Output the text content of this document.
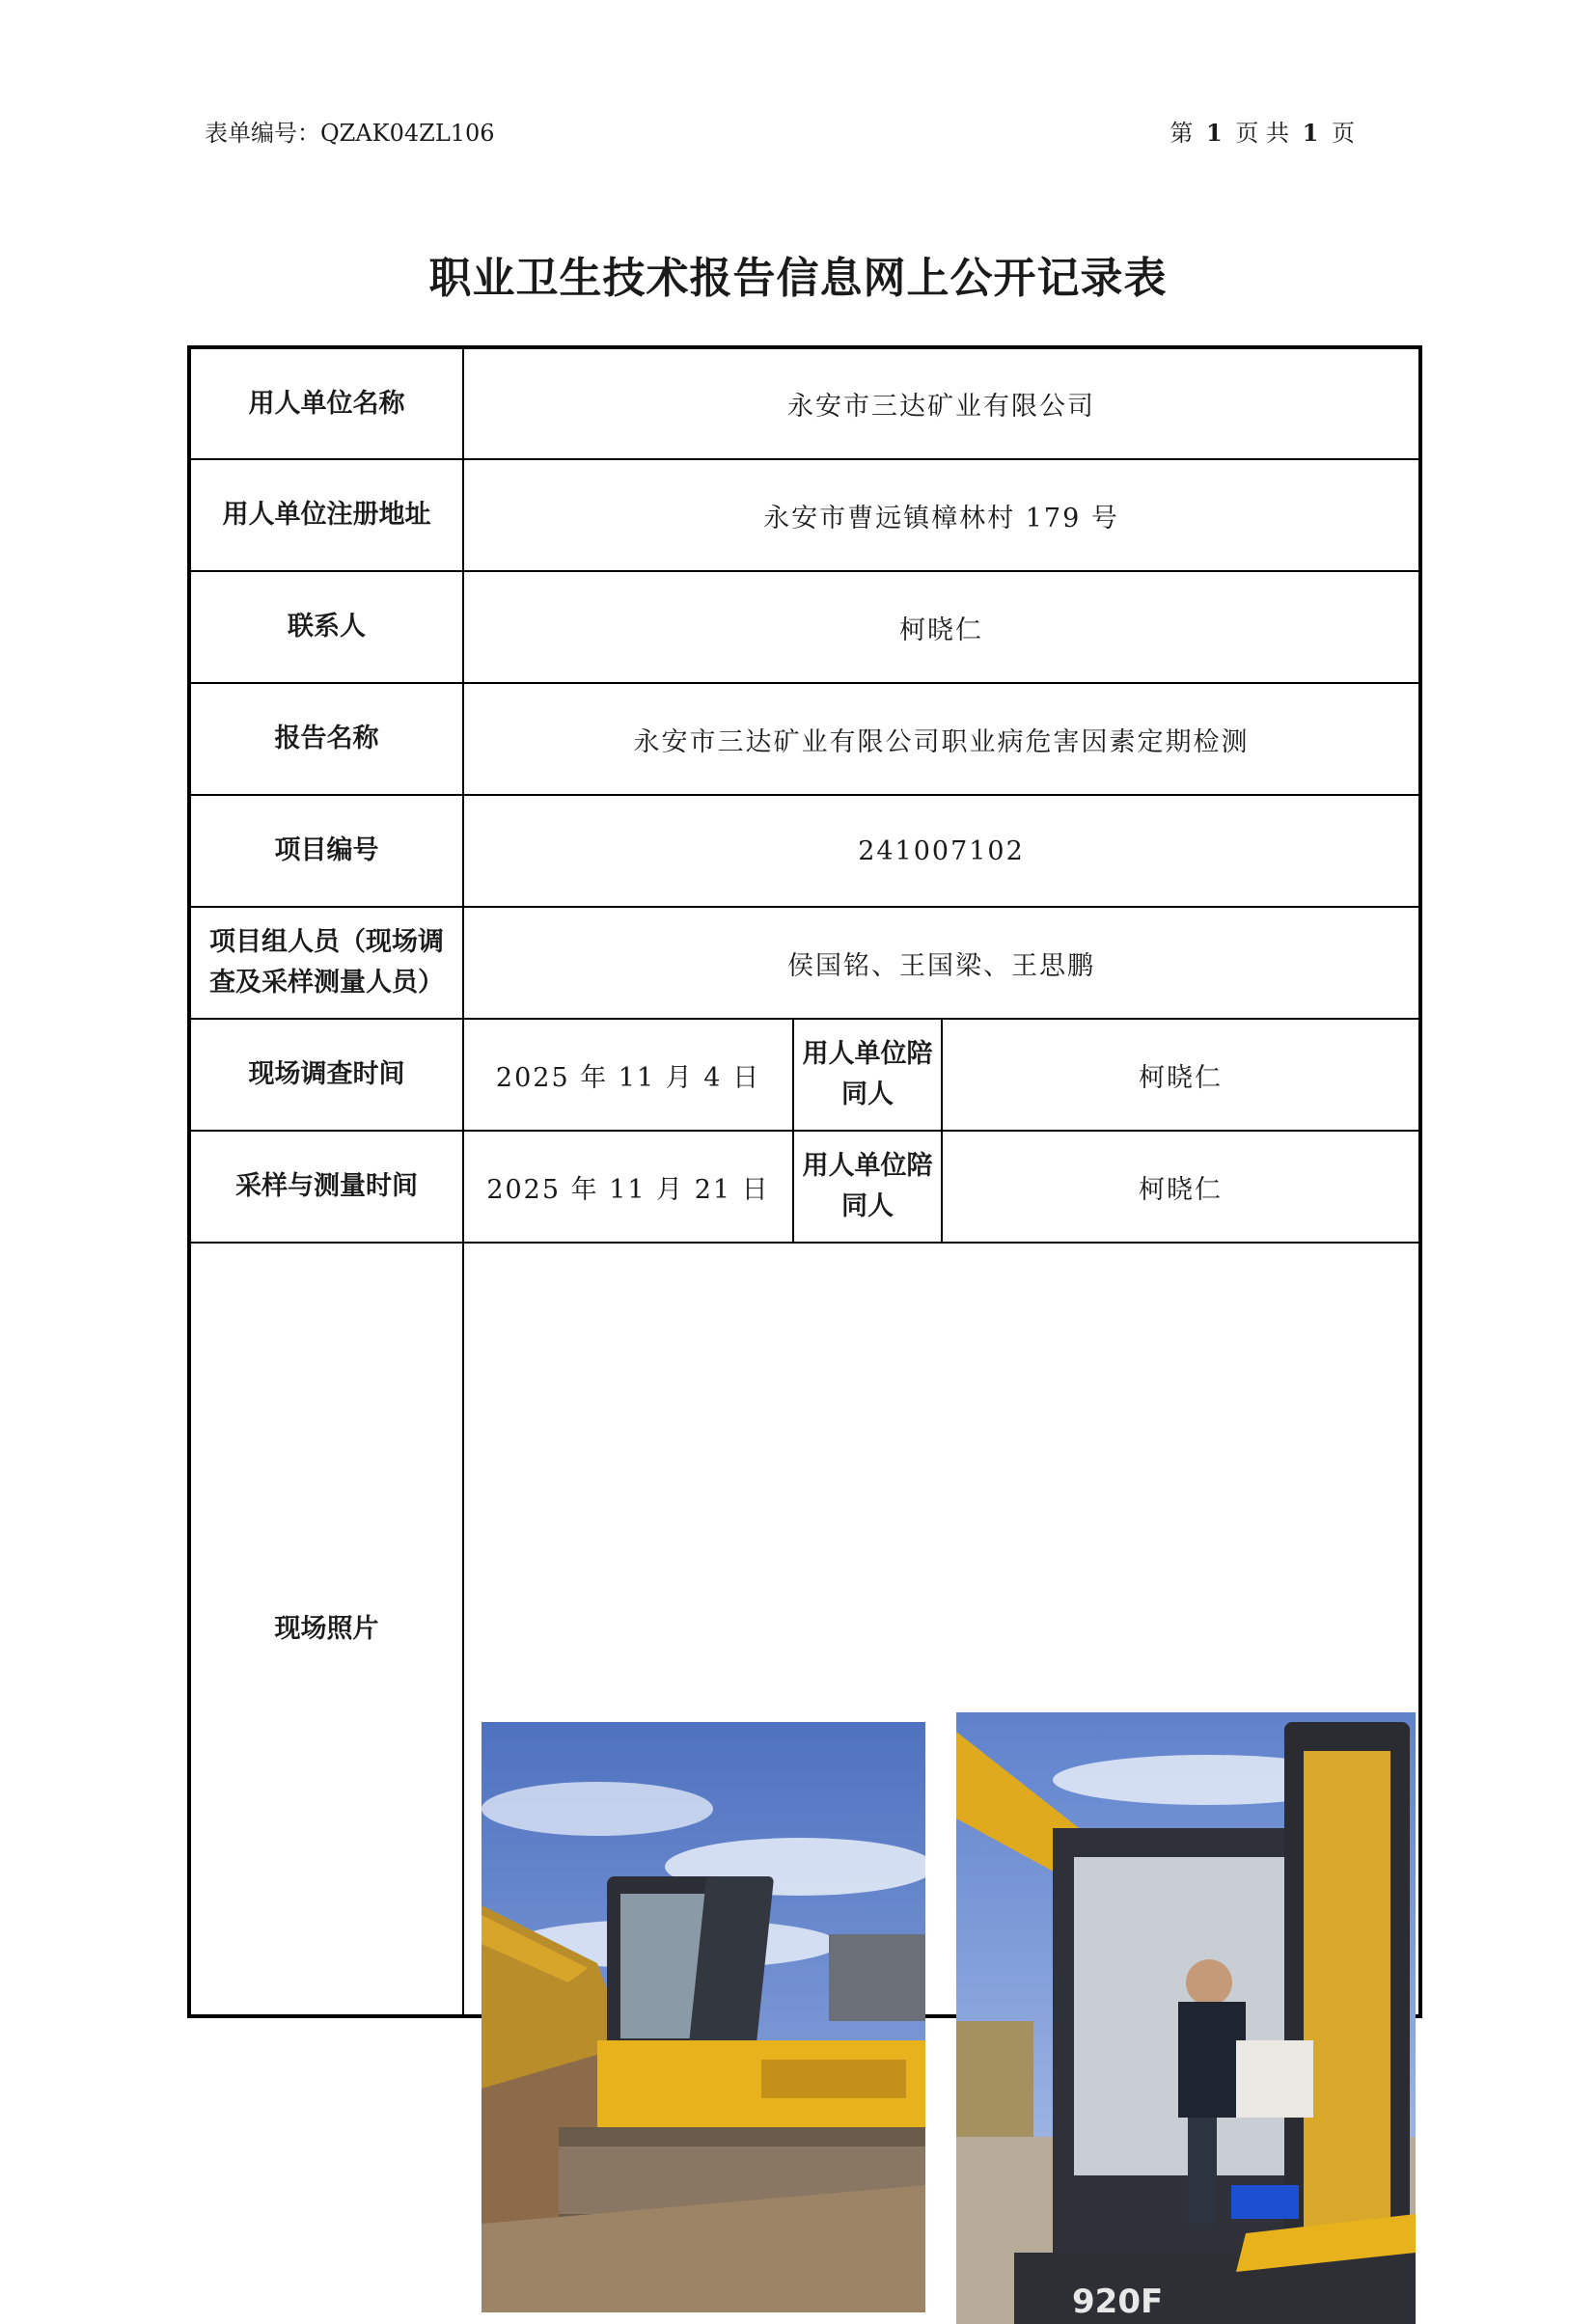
表单编号：QZAK04ZL106	第 1 页 共 1 页
职业卫生技术报告信息网上公开记录表
用人单位名称	永安市三达矿业有限公司		
用人单位注册地址	永安市曹远镇樟林村 179 号		
联系人	柯晓仁		
报告名称	永安市三达矿业有限公司职业病危害因素定期检测		
项目编号	241007102		
项目组人员（现场调查及采样测量人员）	侯国铭、王国梁、王思鹏		
现场调查时间	2025 年 11 月 4 日	用人单位陪同人	柯晓仁
采样与测量时间	2025 年 11 月 21 日	用人单位陪同人	柯晓仁
现场照片	920F		
